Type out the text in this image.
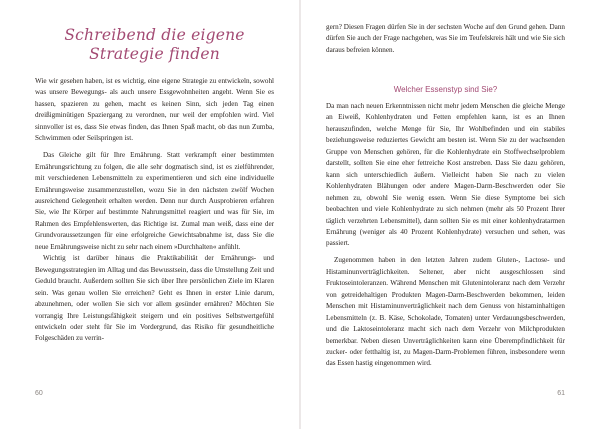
Schreibend die eigene
Strategie finden

Wie wir gesehen haben, ist es wichtig, eine eigene Strategie zu entwickeln, sowohl was unsere Bewegungs- als auch unsere Essgewohnheiten angeht. Wenn Sie es hassen, spazieren zu gehen, macht es keinen Sinn, sich jeden Tag einen dreißigminütigen Spaziergang zu verordnen, nur weil der empfohlen wird. Viel sinnvoller ist es, dass Sie etwas finden, das Ihnen Spaß macht, ob das nun Zumba, Schwimmen oder Seilspringen ist.

Das Gleiche gilt für Ihre Ernährung. Statt verkrampft einer bestimmten Ernährungsrichtung zu folgen, die alle sehr dogmatisch sind, ist es zielführender, mit verschiedenen Lebensmitteln zu experimentieren und sich eine individuelle Ernährungsweise zusammenzustellen, wozu Sie in den nächsten zwölf Wochen ausreichend Gelegenheit erhalten werden. Denn nur durch Ausprobieren erfahren Sie, wie Ihr Körper auf bestimmte Nahrungsmittel reagiert und was für Sie, im Rahmen des Empfehlenswerten, das Richtige ist. Zumal man weiß, dass eine der Grundvoraussetzungen für eine erfolgreiche Gewichtsabnahme ist, dass Sie die neue Ernährungsweise nicht zu sehr nach einem »Durchhalten« anfühlt.

Wichtig ist darüber hinaus die Praktikabilität der Ernährungs- und Bewegungsstrategien im Alltag und das Bewusstsein, dass die Umstellung Zeit und Geduld braucht. Außerdem sollten Sie sich über Ihre persönlichen Ziele im Klaren sein. Was genau wollen Sie erreichen? Geht es Ihnen in erster Linie darum, abzunehmen, oder wollen Sie sich vor allem gesünder ernähren? Möchten Sie vorrangig Ihre Leistungsfähigkeit steigern und ein positives Selbstwertgefühl entwickeln oder steht für Sie im Vordergrund, das Risiko für gesundheitliche Folgeschäden zu verrin-

60

gern? Diesen Fragen dürfen Sie in der sechsten Woche auf den Grund gehen. Dann dürfen Sie auch der Frage nachgehen, was Sie im Teufelskreis hält und wie Sie sich daraus befreien können.

Welcher Essenstyp sind Sie?

Da man nach neuen Erkenntnissen nicht mehr jedem Menschen die gleiche Menge an Eiweiß, Kohlenhydraten und Fetten empfehlen kann, ist es an Ihnen herauszufinden, welche Menge für Sie, Ihr Wohlbefinden und ein stabiles beziehungsweise reduziertes Gewicht am besten ist. Wenn Sie zu der wachsenden Gruppe von Menschen gehören, für die Kohlenhydrate ein Stoffwechselproblem darstellt, sollten Sie eine eher fettreiche Kost anstreben. Dass Sie dazu gehören, kann sich unterschiedlich äußern. Vielleicht haben Sie nach zu vielen Kohlenhydraten Blähungen oder andere Magen-Darm-Beschwerden oder Sie nehmen zu, obwohl Sie wenig essen. Wenn Sie diese Symptome bei sich beobachten und viele Kohlenhydrate zu sich nehmen (mehr als 50 Prozent Ihrer täglich verzehrten Lebensmittel), dann sollten Sie es mit einer kohlenhydratarmen Ernährung (weniger als 40 Prozent Kohlenhydrate) versuchen und sehen, was passiert.

Zugenommen haben in den letzten Jahren zudem Gluten-, Lactose- und Histaminunverträglichkeiten. Seltener, aber nicht ausgeschlossen sind Fruktoseintoleranzen. Während Menschen mit Glutenintoleranz nach dem Verzehr von getreidehaltigen Produkten Magen-Darm-Beschwerden bekommen, leiden Menschen mit Histaminunverträglichkeit nach dem Genuss von histaminhaltigen Lebensmitteln (z. B. Käse, Schokolade, Tomaten) unter Verdauungsbeschwerden, und die Laktoseintoleranz macht sich nach dem Verzehr von Milchprodukten bemerkbar. Neben diesen Unverträglichkeiten kann eine Überempfindlichkeit für zucker- oder fetthaltig ist, zu Magen-Darm-Problemen führen, insbesondere wenn das Essen hastig eingenommen wird.

61
